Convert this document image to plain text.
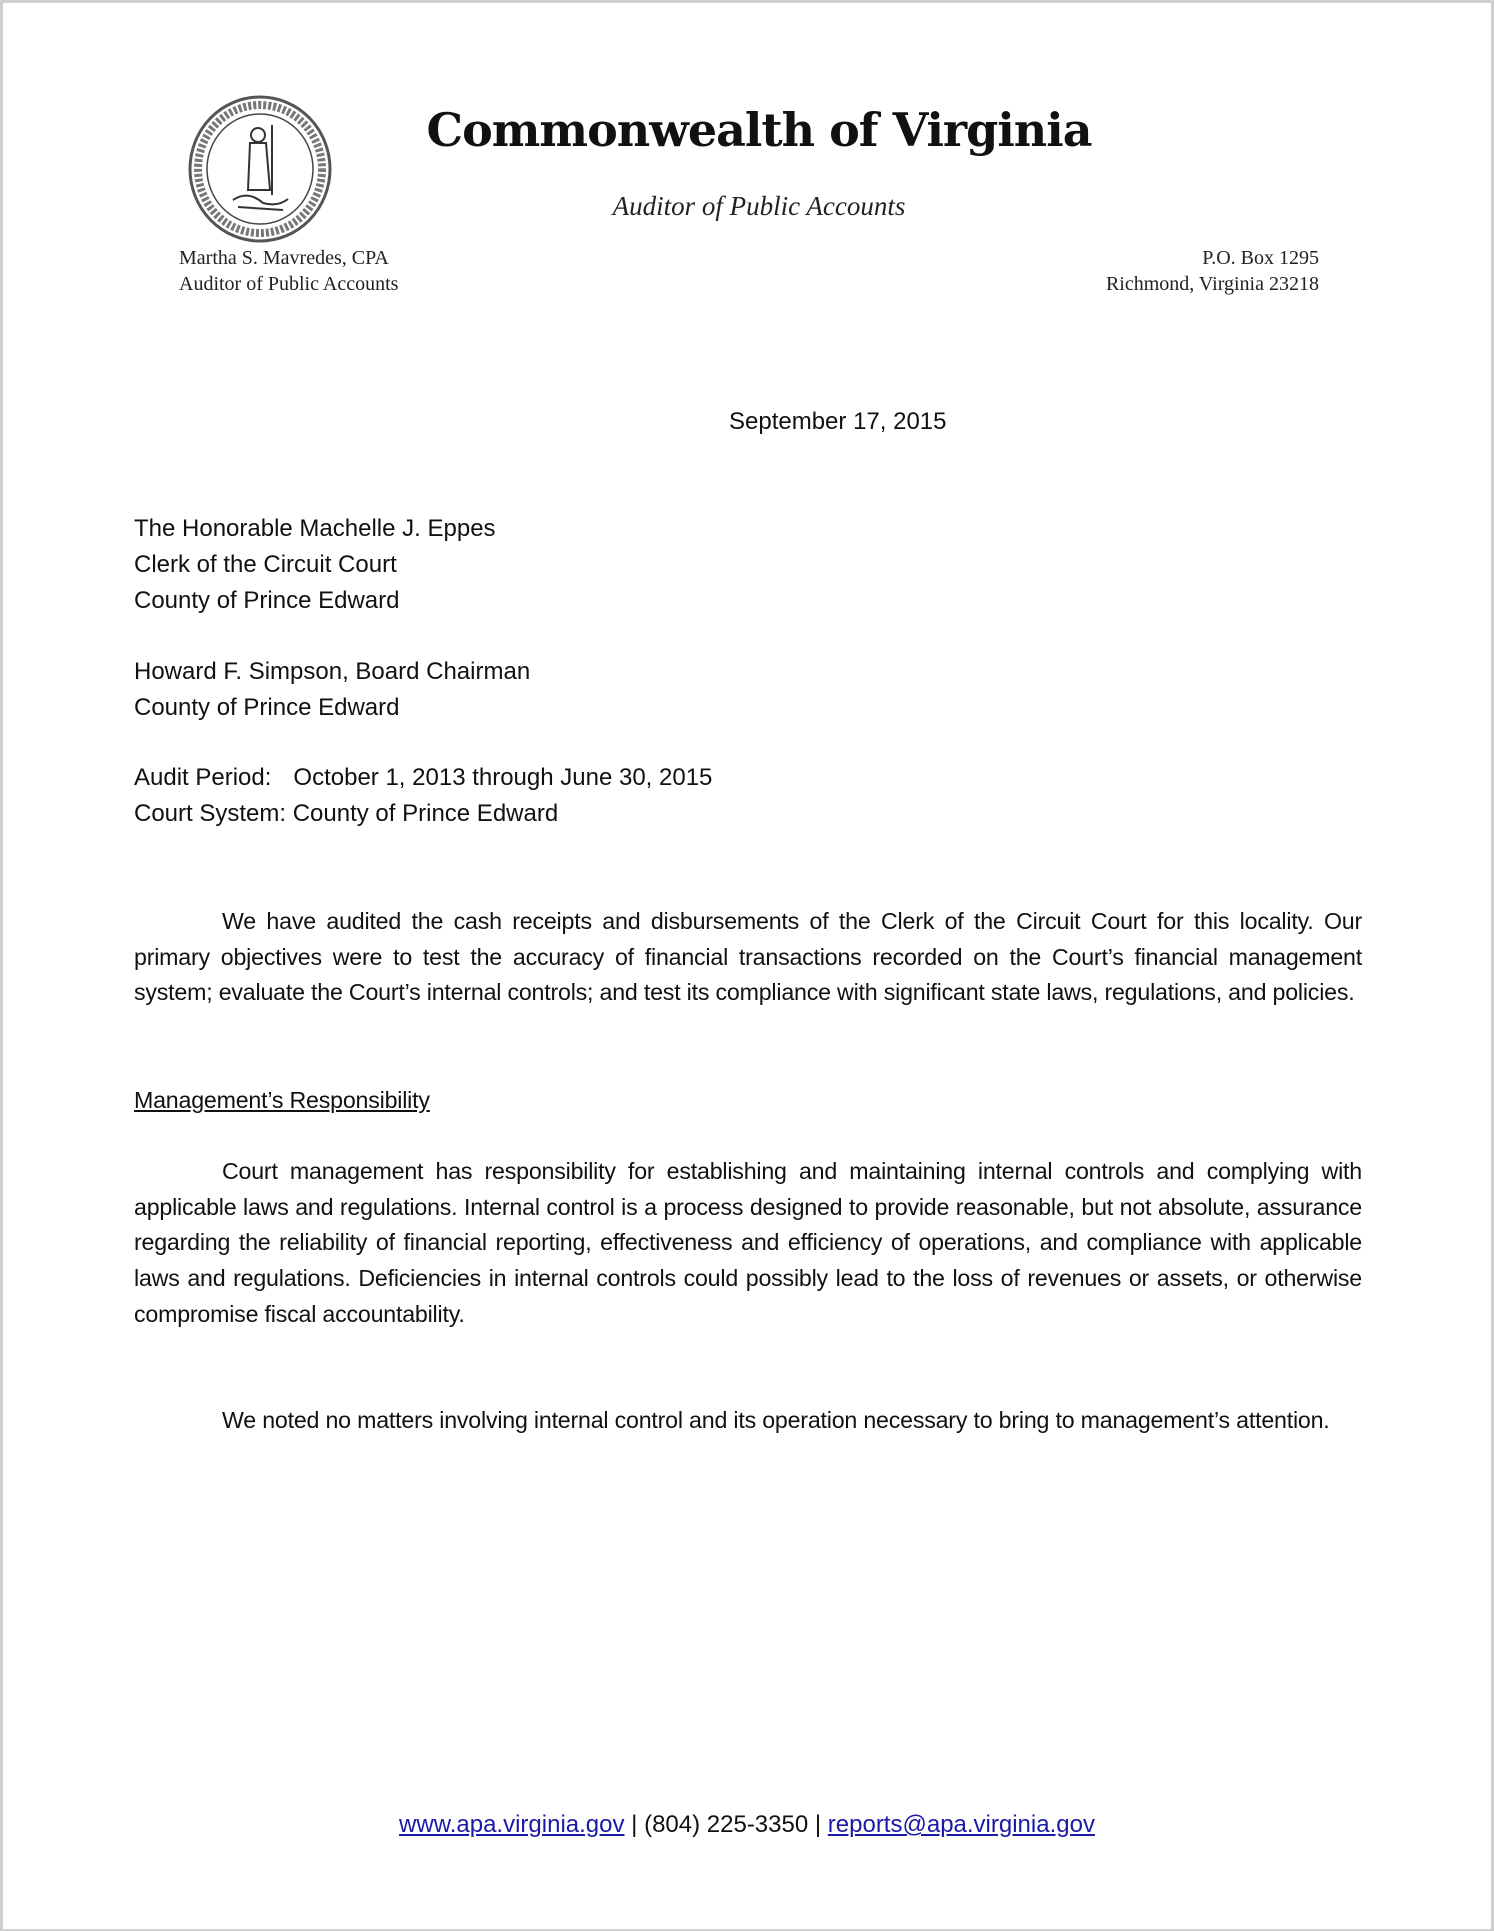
Commonwealth of Virginia
Auditor of Public Accounts
Martha S. Mavredes, CPA
Auditor of Public Accounts
P.O. Box 1295
Richmond, Virginia 23218
September 17, 2015
The Honorable Machelle J. Eppes
Clerk of the Circuit Court
County of Prince Edward
Howard F. Simpson, Board Chairman
County of Prince Edward
Audit Period: October 1, 2013 through June 30, 2015
Court System: County of Prince Edward
We have audited the cash receipts and disbursements of the Clerk of the Circuit Court for this locality. Our primary objectives were to test the accuracy of financial transactions recorded on the Court’s financial management system; evaluate the Court’s internal controls; and test its compliance with significant state laws, regulations, and policies.
Management’s Responsibility
Court management has responsibility for establishing and maintaining internal controls and complying with applicable laws and regulations. Internal control is a process designed to provide reasonable, but not absolute, assurance regarding the reliability of financial reporting, effectiveness and efficiency of operations, and compliance with applicable laws and regulations. Deficiencies in internal controls could possibly lead to the loss of revenues or assets, or otherwise compromise fiscal accountability.
We noted no matters involving internal control and its operation necessary to bring to management’s attention.
www.apa.virginia.gov | (804) 225-3350 | reports@apa.virginia.gov
